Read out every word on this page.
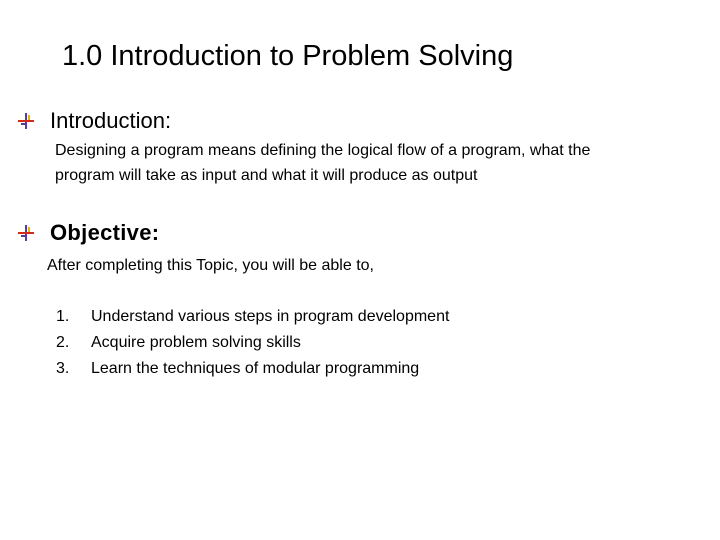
1.0 Introduction to Problem Solving
Introduction:
Designing a program means defining the logical flow of a program, what the
program will take as input and what it will produce as output
Objective:

After completing this Topic, you will be able to,

1. Understand various steps in program development
2. Acquire problem solving skills
3. Learn the techniques of modular programming
